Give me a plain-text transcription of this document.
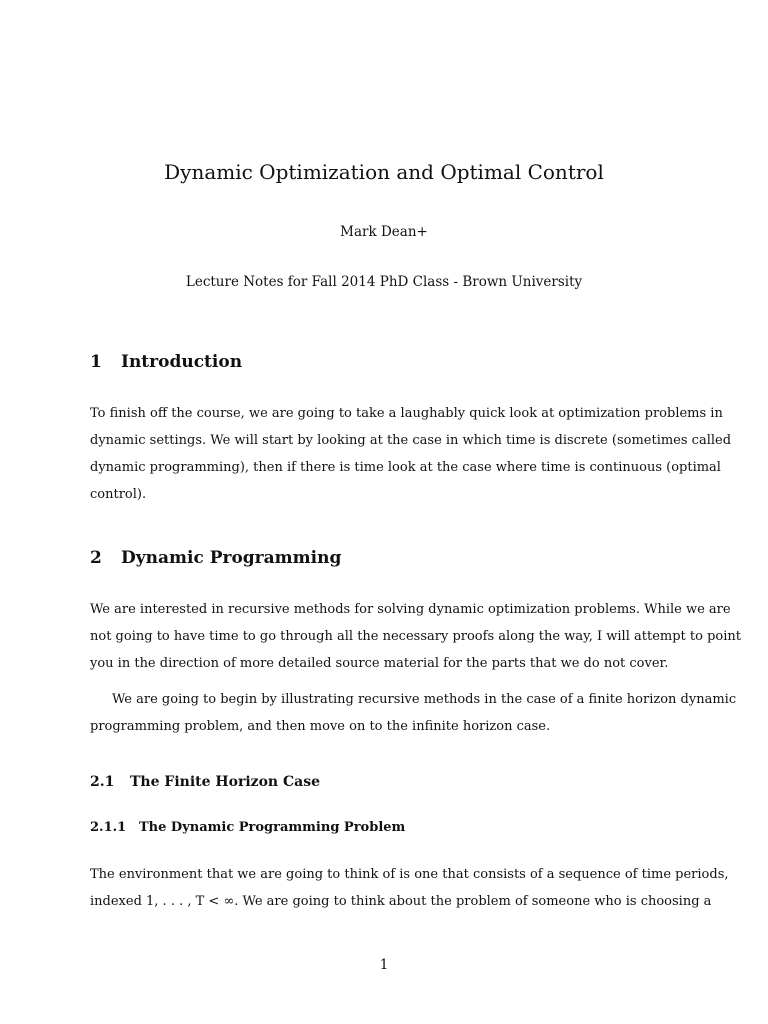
Dynamic Optimization and Optimal Control
Mark Dean+
Lecture Notes for Fall 2014 PhD Class - Brown University
1 Introduction
To finish off the course, we are going to take a laughably quick look at optimization problems in
dynamic settings. We will start by looking at the case in which time is discrete (sometimes called
dynamic programming), then if there is time look at the case where time is continuous (optimal
control).
2 Dynamic Programming
We are interested in recursive methods for solving dynamic optimization problems. While we are
not going to have time to go through all the necessary proofs along the way, I will attempt to point
you in the direction of more detailed source material for the parts that we do not cover.
We are going to begin by illustrating recursive methods in the case of a finite horizon dynamic
programming problem, and then move on to the infinite horizon case.
2.1 The Finite Horizon Case
2.1.1 The Dynamic Programming Problem
The environment that we are going to think of is one that consists of a sequence of time periods,
indexed 1, . . . , T < ∞. We are going to think about the problem of someone who is choosing a
1
